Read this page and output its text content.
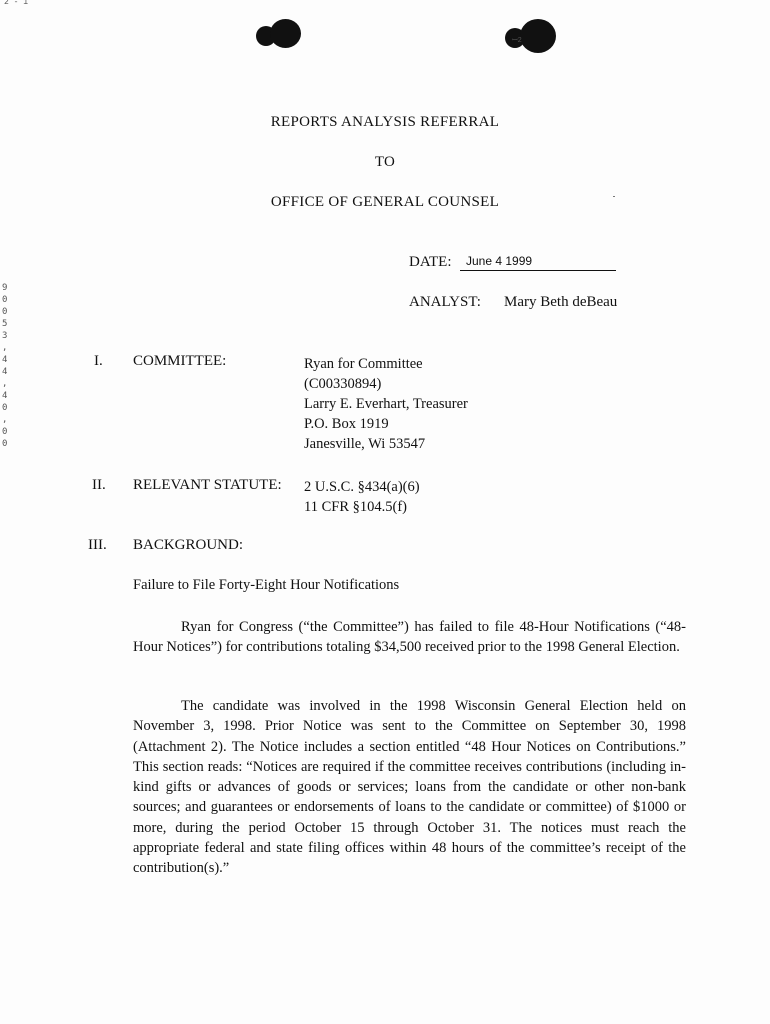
2 - 1
ꟷ2
REPORTS ANALYSIS REFERRAL
TO
OFFICE OF GENERAL COUNSEL
9 0 0 5 3 , 4 4 , 4 0 , 0 0
DATE:	June 4 1999
ANALYST: Mary Beth deBeau
I. COMMITTEE:	Ryan for Committee
(C00330894)
Larry E. Everhart, Treasurer
P.O. Box 1919
Janesville, Wi 53547
II. RELEVANT STATUTE: 2 U.S.C. §434(a)(6)
11 CFR §104.5(f)
III. BACKGROUND:
Failure to File Forty-Eight Hour Notifications
Ryan for Congress (“the Committee”) has failed to file 48-Hour Notifications (“48-Hour Notices”) for contributions totaling $34,500 received prior to the 1998 General Election.
The candidate was involved in the 1998 Wisconsin General Election held on November 3, 1998. Prior Notice was sent to the Committee on September 30, 1998 (Attachment 2). The Notice includes a section entitled “48 Hour Notices on Contributions.” This section reads: “Notices are required if the committee receives contributions (including in-kind gifts or advances of goods or services; loans from the candidate or other non-bank sources; and guarantees or endorsements of loans to the candidate or committee) of $1000 or more, during the period October 15 through October 31. The notices must reach the appropriate federal and state filing offices within 48 hours of the committee’s receipt of the contribution(s).”
